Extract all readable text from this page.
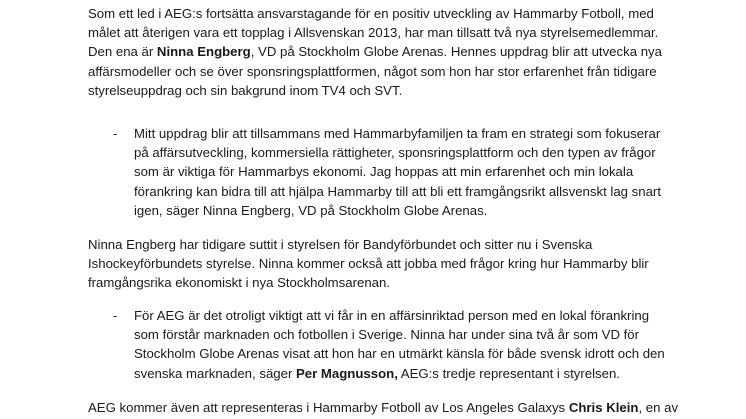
Som ett led i AEG:s fortsätta ansvarstagande för en positiv utveckling av Hammarby Fotboll, med
målet att återigen vara ett topplag i Allsvenskan 2013, har man tillsatt två nya styrelsemedlemmar.
Den ena är Ninna Engberg, VD på Stockholm Globe Arenas. Hennes uppdrag blir att utvecka nya
affärsmodeller och se över sponsringsplattformen, något som hon har stor erfarenhet från tidigare
styrelseuppdrag och sin bakgrund inom TV4 och SVT.

- Mitt uppdrag blir att tillsammans med Hammarbyfamiljen ta fram en strategi som fokuserar
på affärsutveckling, kommersiella rättigheter, sponsringsplattform och den typen av frågor
som är viktiga för Hammarbys ekonomi. Jag hoppas att min erfarenhet och min lokala
förankring kan bidra till att hjälpa Hammarby till att bli ett framgångsrikt allsvenskt lag snart
igen, säger Ninna Engberg, VD på Stockholm Globe Arenas.

Ninna Engberg har tidigare suttit i styrelsen för Bandyförbundet och sitter nu i Svenska
Ishockeyförbundets styrelse. Ninna kommer också att jobba med frågor kring hur Hammarby blir
framgångsrika ekonomiskt i nya Stockholmsarenan.

- För AEG är det otroligt viktigt att vi får in en affärsinriktad person med en lokal förankring
som förstår marknaden och fotbollen i Sverige. Ninna har under sina två år som VD för
Stockholm Globe Arenas visat att hon har en utmärkt känsla för både svensk idrott och den
svenska marknaden, säger Per Magnusson, AEG:s tredje representant i styrelsen.

AEG kommer även att representeras i Hammarby Fotboll av Los Angeles Galaxys Chris Klein, en av
